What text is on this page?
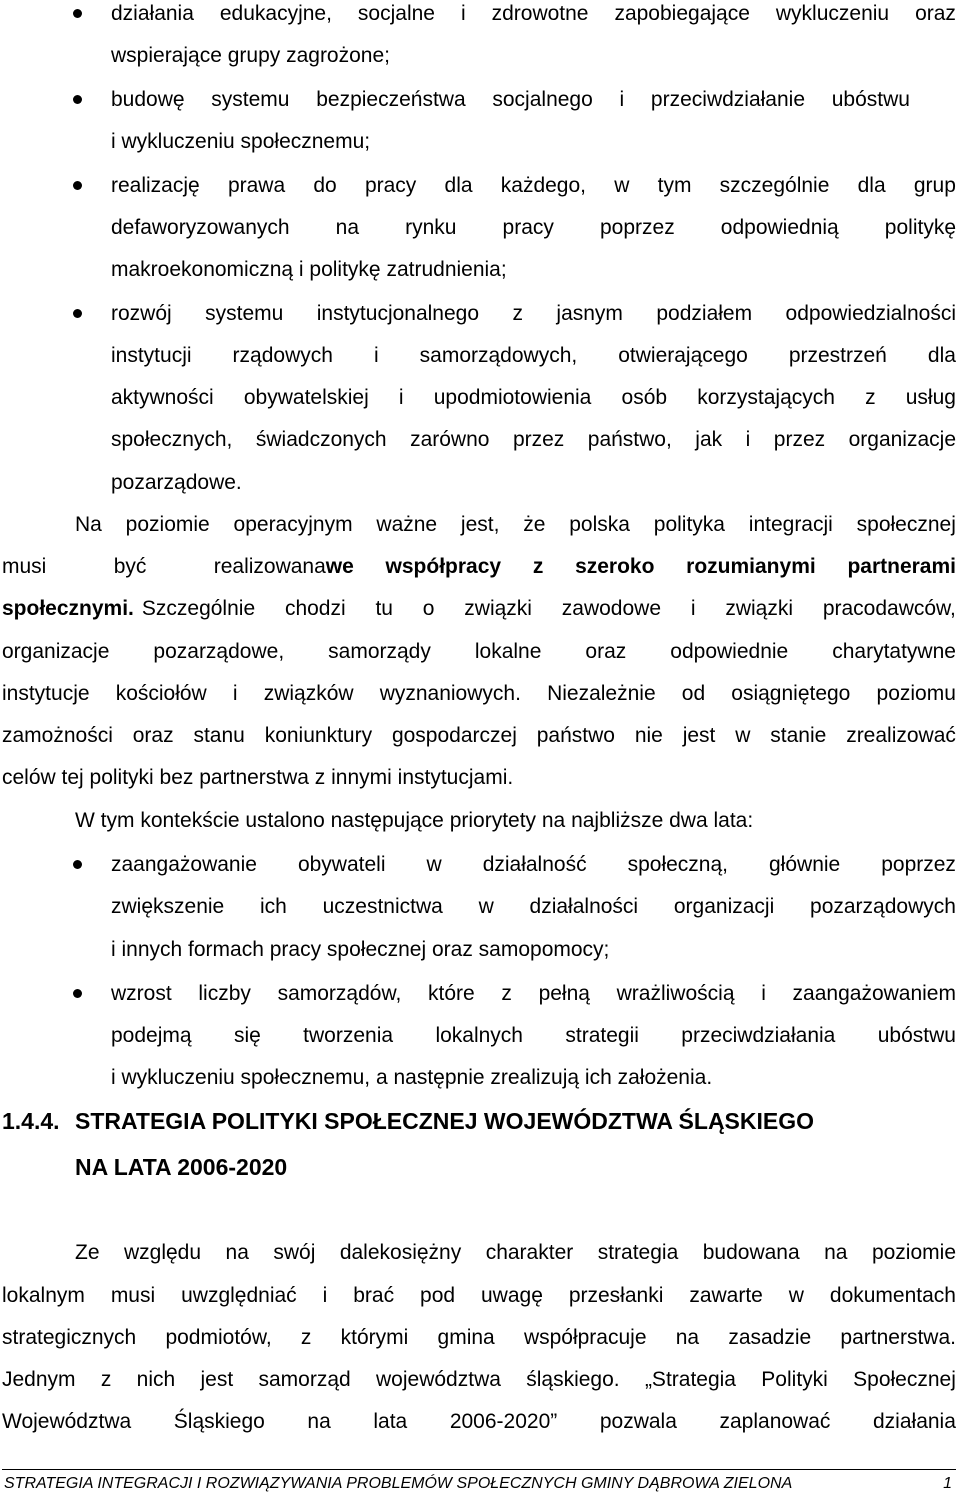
działania edukacyjne, socjalne i zdrowotne zapobiegające wykluczeniu oraz
wspierające grupy zagrożone;
budowę systemu bezpieczeństwa socjalnego i przeciwdziałanie ubóstwu
i wykluczeniu społecznemu;
realizację prawa do pracy dla każdego, w tym szczególnie dla grup
defaworyzowanych na rynku pracy poprzez odpowiednią politykę
makroekonomiczną i politykę zatrudnienia;
rozwój systemu instytucjonalnego z jasnym podziałem odpowiedzialności
instytucji rządowych i samorządowych, otwierającego przestrzeń dla
aktywności obywatelskiej i upodmiotowienia osób korzystających z usług
społecznych, świadczonych zarówno przez państwo, jak i przez organizacje
pozarządowe.
Na poziomie operacyjnym ważne jest, że polska polityka integracji społecznej
musi	być	realizowana we współpracy z szeroko rozumianymi partnerami
społecznymi. Szczególnie chodzi tu o związki zawodowe i związki pracodawców,
organizacje pozarządowe, samorządy lokalne oraz odpowiednie charytatywne
instytucje kościołów i związków wyznaniowych. Niezależnie od osiągniętego poziomu
zamożności oraz stanu koniunktury gospodarczej państwo nie jest w stanie zrealizować
celów tej polityki bez partnerstwa z innymi instytucjami.
W tym kontekście ustalono następujące priorytety na najbliższe dwa lata:
zaangażowanie obywateli w działalność społeczną, głównie poprzez
zwiększenie ich uczestnictwa w działalności organizacji pozarządowych
i innych formach pracy społecznej oraz samopomocy;
wzrost liczby samorządów, które z pełną wrażliwością i zaangażowaniem
podejmą się tworzenia lokalnych strategii przeciwdziałania ubóstwu
i wykluczeniu społecznemu, a następnie zrealizują ich założenia.
1.4.4. STRATEGIA POLITYKI SPOŁECZNEJ WOJEWÓDZTWA ŚLĄSKIEGO
NA LATA 2006-2020
Ze względu na swój dalekosiężny charakter strategia budowana na poziomie
lokalnym musi uwzględniać i brać pod uwagę przesłanki zawarte w dokumentach
strategicznych podmiotów, z którymi gmina współpracuje na zasadzie partnerstwa.
Jednym z nich jest samorząd województwa śląskiego. „Strategia Polityki Społecznej
Województwa Śląskiego na lata 2006-2020” pozwala zaplanować działania
STRATEGIA INTEGRACJI I ROZWIĄZYWANIA PROBLEMÓW SPOŁECZNYCH GMINY DĄBROWA ZIELONA	1
